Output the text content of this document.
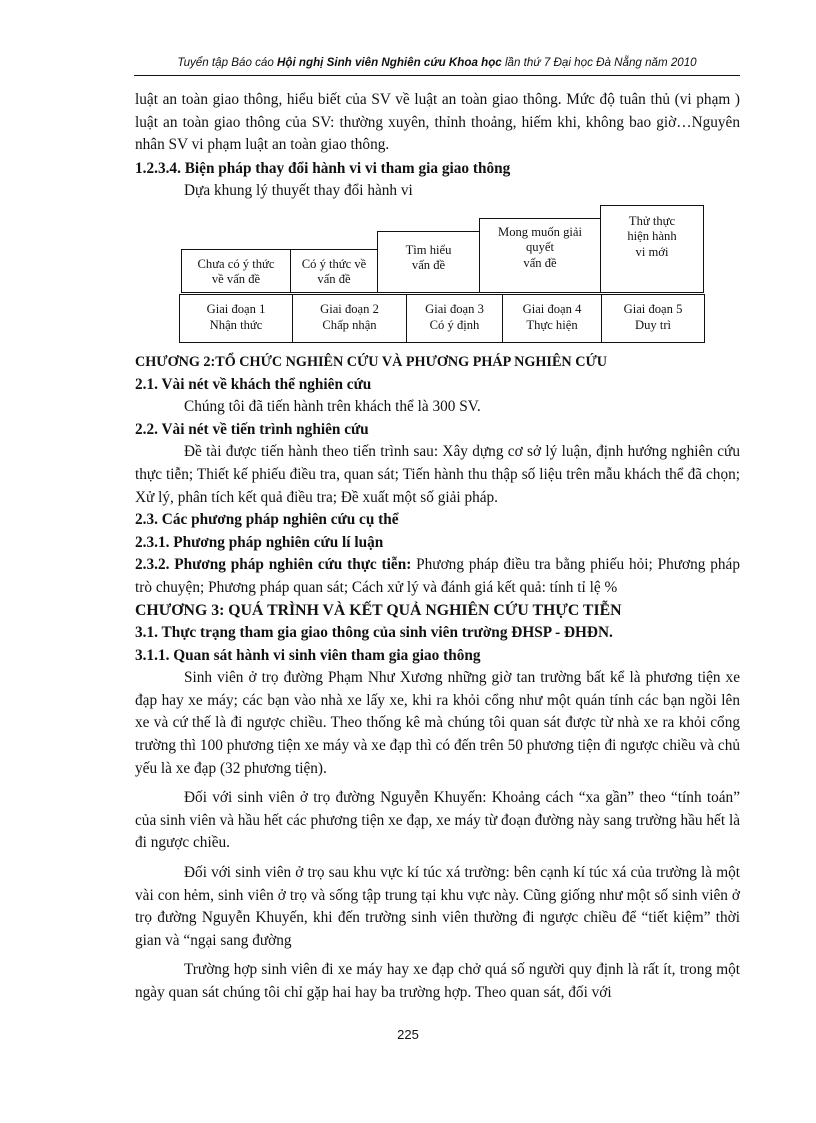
Tuyển tập Báo cáo Hội nghị Sinh viên Nghiên cứu Khoa học lần thứ 7 Đại học Đà Nẵng năm 2010

luật an toàn giao thông, hiểu biết của SV về luật an toàn giao thông. Mức độ tuân thủ (vi phạm ) luật an toàn giao thông của SV: thường xuyên, thỉnh thoảng, hiếm khi, không bao giờ…Nguyên nhân SV vi phạm luật an toàn giao thông.

1.2.3.4. Biện pháp thay đổi hành vi vi tham gia giao thông

Dựa khung lý thuyết thay đổi hành vi

Chưa có ý thức
về vấn đề
Có ý thức về
vấn đề
Tìm hiểu
vấn đề
Mong muốn giải
quyết
vấn đề
Thử thực
hiện hành
vi mới
Giai đoạn 1
Nhận thức
Giai đoạn 2
Chấp nhận
Giai đoạn 3
Có ý định
Giai đoạn 4
Thực hiện
Giai đoạn 5
Duy trì

CHƯƠNG 2:TỔ CHỨC NGHIÊN CỨU VÀ PHƯƠNG PHÁP NGHIÊN CỨU

2.1. Vài nét về khách thể nghiên cứu

Chúng tôi đã tiến hành trên khách thể là 300 SV.

2.2. Vài nét về tiến trình nghiên cứu

Đề tài được tiến hành theo tiến trình sau: Xây dựng cơ sở lý luận, định hướng nghiên cứu thực tiễn; Thiết kế phiếu điều tra, quan sát; Tiến hành thu thập số liệu trên mẫu khách thể đã chọn; Xử lý, phân tích kết quả điều tra; Đề xuất một số giải pháp.

2.3. Các phương pháp nghiên cứu cụ thể

2.3.1. Phương pháp nghiên cứu lí luận

2.3.2. Phương pháp nghiên cứu thực tiễn: Phương pháp điều tra bằng phiếu hỏi; Phương pháp trò chuyện; Phương pháp quan sát; Cách xử lý và đánh giá kết quả: tính tỉ lệ %

CHƯƠNG 3: QUÁ TRÌNH VÀ KẾT QUẢ NGHIÊN CỨU THỰC TIỄN

3.1. Thực trạng tham gia giao thông của sinh viên trường ĐHSP - ĐHĐN.

3.1.1. Quan sát hành vi sinh viên tham gia giao thông

Sinh viên ở trọ đường Phạm Như Xương những giờ tan trường bất kể là phương tiện xe đạp hay xe máy; các bạn vào nhà xe lấy xe, khi ra khỏi cổng như một quán tính các bạn ngồi lên xe và cứ thế là đi ngược chiều. Theo thống kê mà chúng tôi quan sát được từ nhà xe ra khỏi cổng trường thì 100 phương tiện xe máy và xe đạp thì có đến trên 50 phương tiện đi ngược chiều và chủ yếu là xe đạp (32 phương tiện).

Đối với sinh viên ở trọ đường Nguyễn Khuyến: Khoảng cách “xa gần” theo “tính toán” của sinh viên và hầu hết các phương tiện xe đạp, xe máy từ đoạn đường này sang trường hầu hết là đi ngược chiều.

Đối với sinh viên ở trọ sau khu vực kí túc xá trường: bên cạnh kí túc xá của trường là một vài con hẻm, sinh viên ở trọ và sống tập trung tại khu vực này. Cũng giống như một số sinh viên ở trọ đường Nguyễn Khuyến, khi đến trường sinh viên thường đi ngược chiều để “tiết kiệm” thời gian và “ngại sang đường

Trường hợp sinh viên đi xe máy hay xe đạp chở quá số người quy định là rất ít, trong một ngày quan sát chúng tôi chỉ gặp hai hay ba trường hợp. Theo quan sát, đối với

225
